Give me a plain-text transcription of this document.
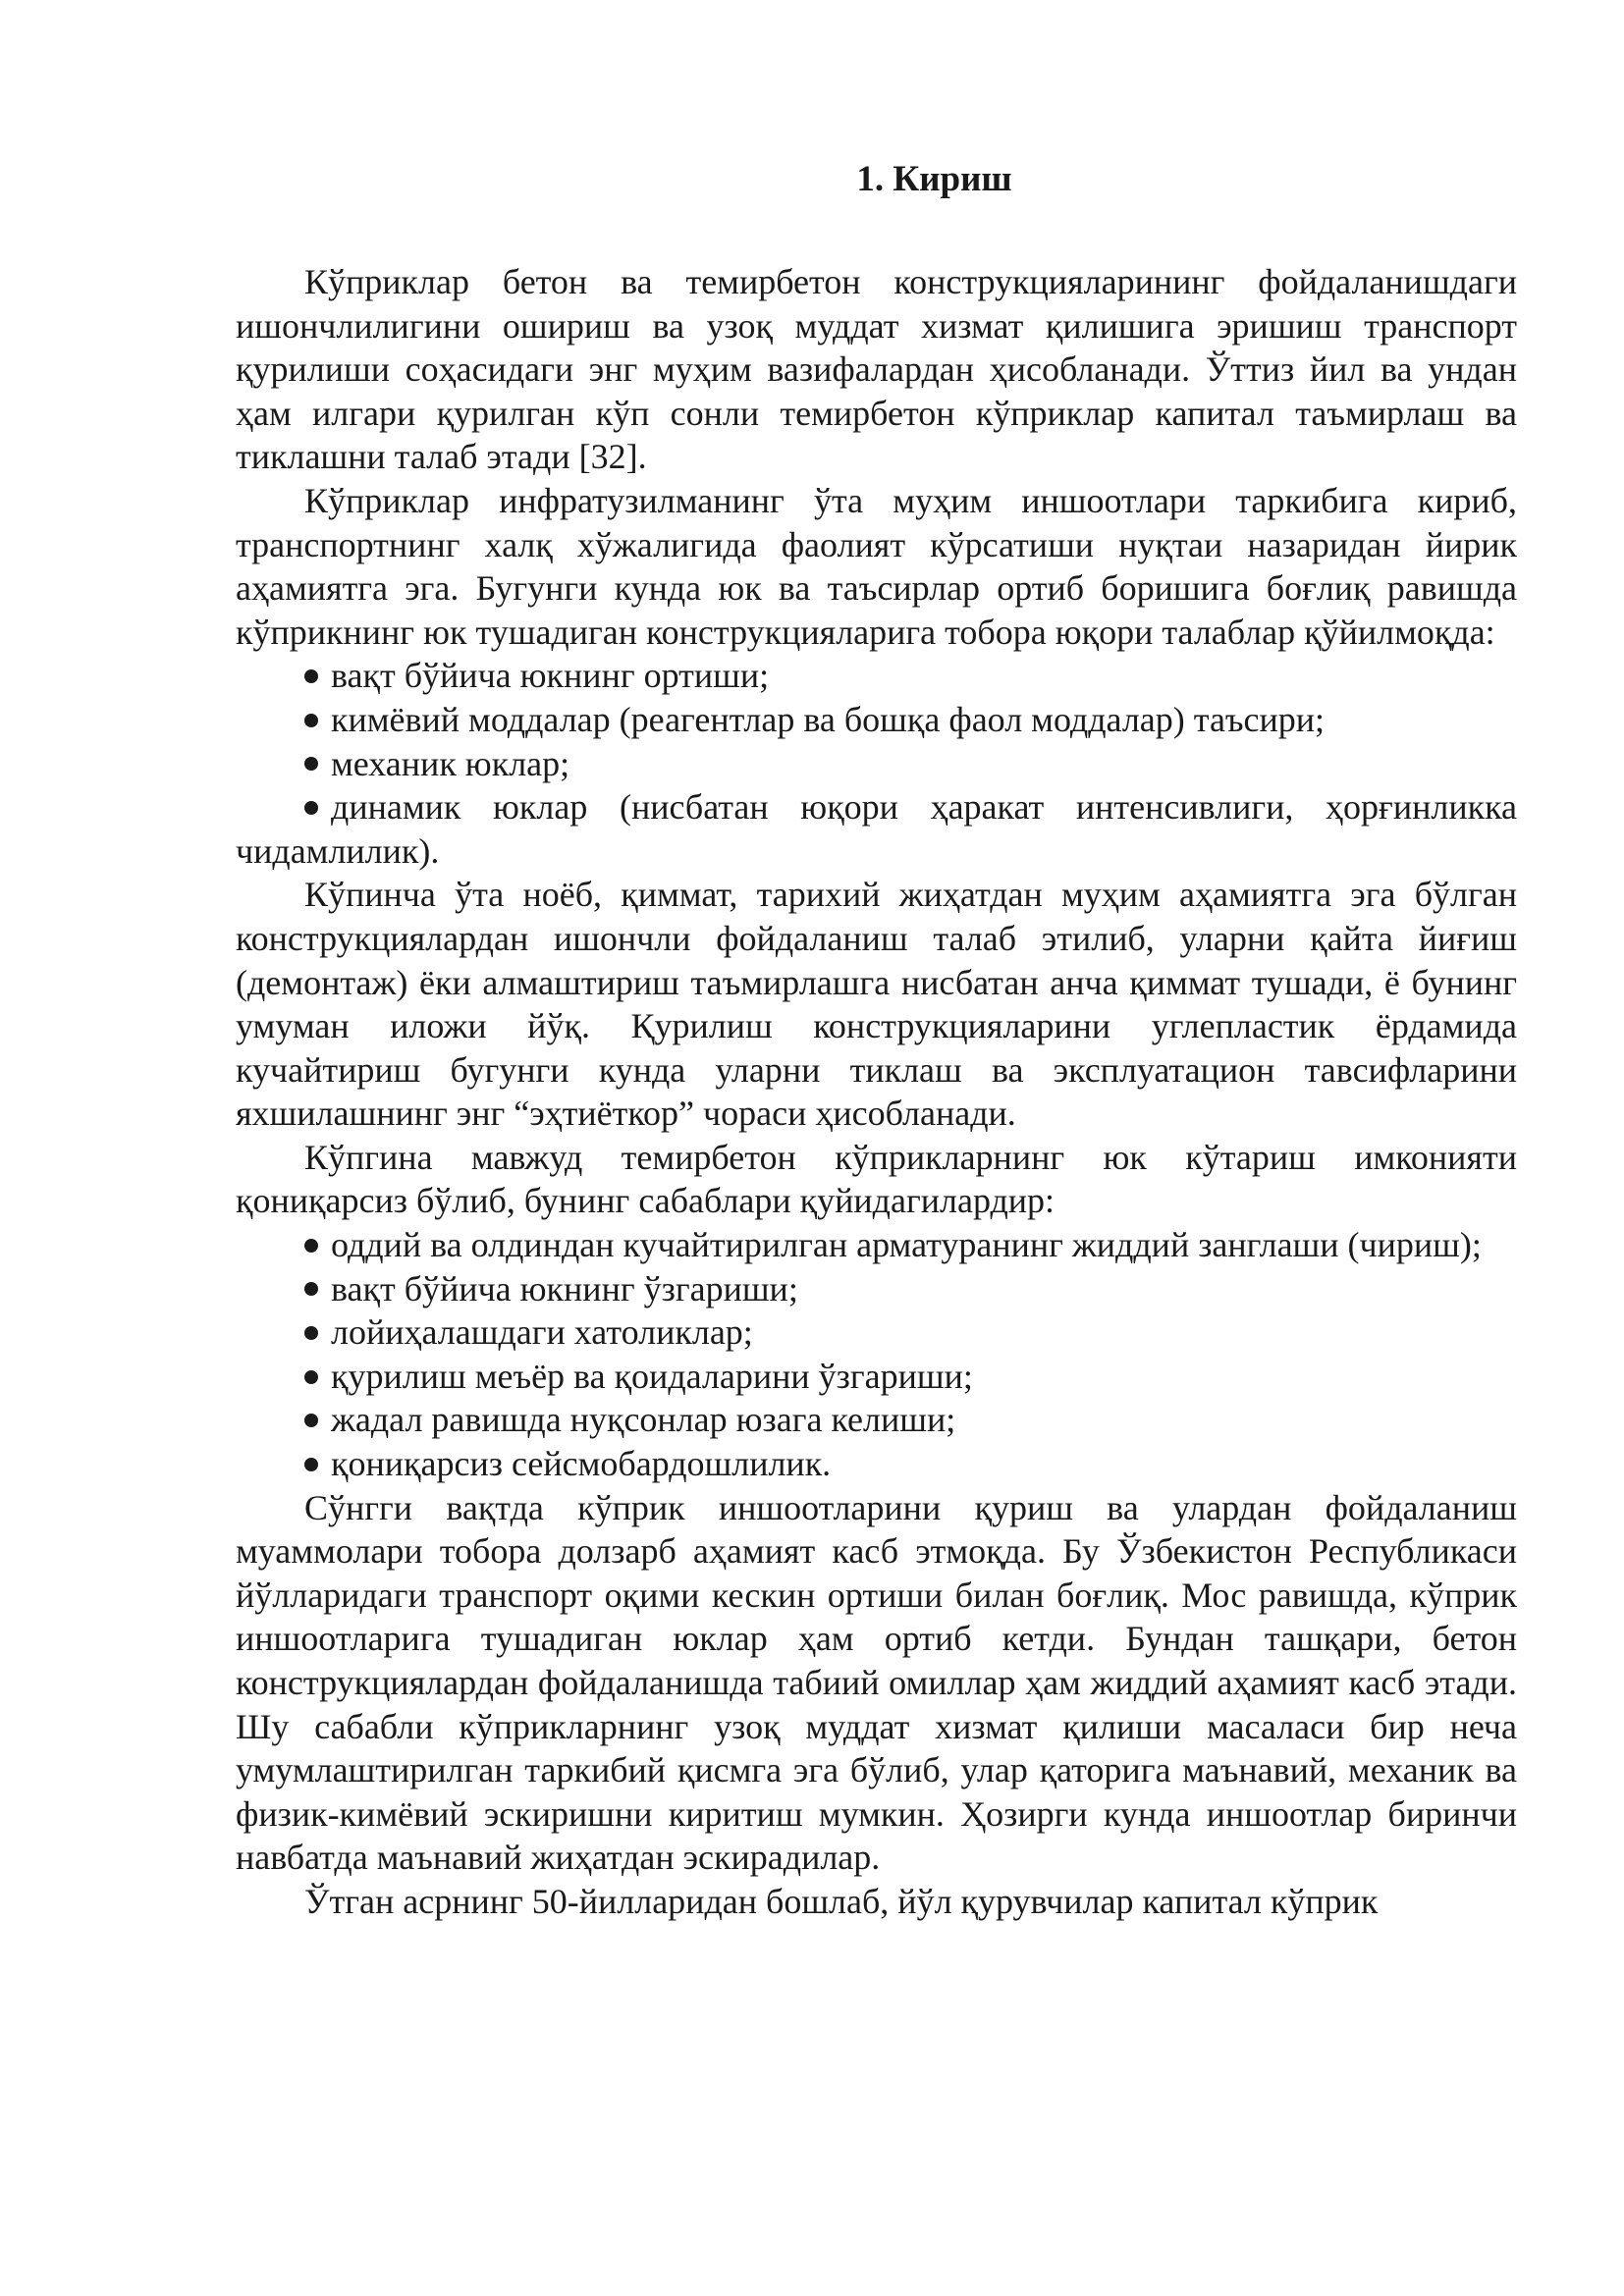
1. Кириш

Кўприклар бетон ва темирбетон конструкцияларининг фойдаланишдаги ишончлилигини ошириш ва узоқ муддат хизмат қилишига эришиш транспорт қурилиши соҳасидаги энг муҳим вазифалардан ҳисобланади. Ўттиз йил ва ундан ҳам илгари қурилган кўп сонли темирбетон кўприклар капитал таъмирлаш ва тиклашни талаб этади [32].

Кўприклар инфратузилманинг ўта муҳим иншоотлари таркибига кириб, транспортнинг халқ хўжалигида фаолият кўрсатиши нуқтаи назаридан йирик аҳамиятга эга. Бугунги кунда юк ва таъсирлар ортиб боришига боғлиқ равишда кўприкнинг юк тушадиган конструкцияларига тобора юқори талаблар қўйилмоқда:

вақт бўйича юкнинг ортиши;
кимёвий моддалар (реагентлар ва бошқа фаол моддалар) таъсири;
механик юклар;
динамик юклар (нисбатан юқори ҳаракат интенсивлиги, ҳорғинликка чидамлилик).

Кўпинча ўта ноёб, қиммат, тарихий жиҳатдан муҳим аҳамиятга эга бўлган конструкциялардан ишончли фойдаланиш талаб этилиб, уларни қайта йиғиш (демонтаж) ёки алмаштириш таъмирлашга нисбатан анча қиммат тушади, ё бунинг умуман иложи йўқ. Қурилиш конструкцияларини углепластик ёрдамида кучайтириш бугунги кунда уларни тиклаш ва эксплуатацион тавсифларини яхшилашнинг энг “эҳтиёткор” чораси ҳисобланади.

Кўпгина мавжуд темирбетон кўприкларнинг юк кўтариш имконияти қониқарсиз бўлиб, бунинг сабаблари қуйидагилардир:

оддий ва олдиндан кучайтирилган арматуранинг жиддий занглаши (чириш);
вақт бўйича юкнинг ўзгариши;
лойиҳалашдаги хатоликлар;
қурилиш меъёр ва қоидаларини ўзгариши;
жадал равишда нуқсонлар юзага келиши;
қониқарсиз сейсмобардошлилик.

Сўнгги вақтда кўприк иншоотларини қуриш ва улардан фойдаланиш муаммолари тобора долзарб аҳамият касб этмоқда. Бу Ўзбекистон Республикаси йўлларидаги транспорт оқими кескин ортиши билан боғлиқ. Мос равишда, кўприк иншоотларига тушадиган юклар ҳам ортиб кетди. Бундан ташқари, бетон конструкциялардан фойдаланишда табиий омиллар ҳам жиддий аҳамият касб этади. Шу сабабли кўприкларнинг узоқ муддат хизмат қилиши масаласи бир неча умумлаштирилган таркибий қисмга эга бўлиб, улар қаторига маънавий, механик ва физик-кимёвий эскиришни киритиш мумкин. Ҳозирги кунда иншоотлар биринчи навбатда маънавий жиҳатдан эскирадилар.

Ўтган асрнинг 50-йилларидан бошлаб, йўл қурувчилар капитал кўприк
